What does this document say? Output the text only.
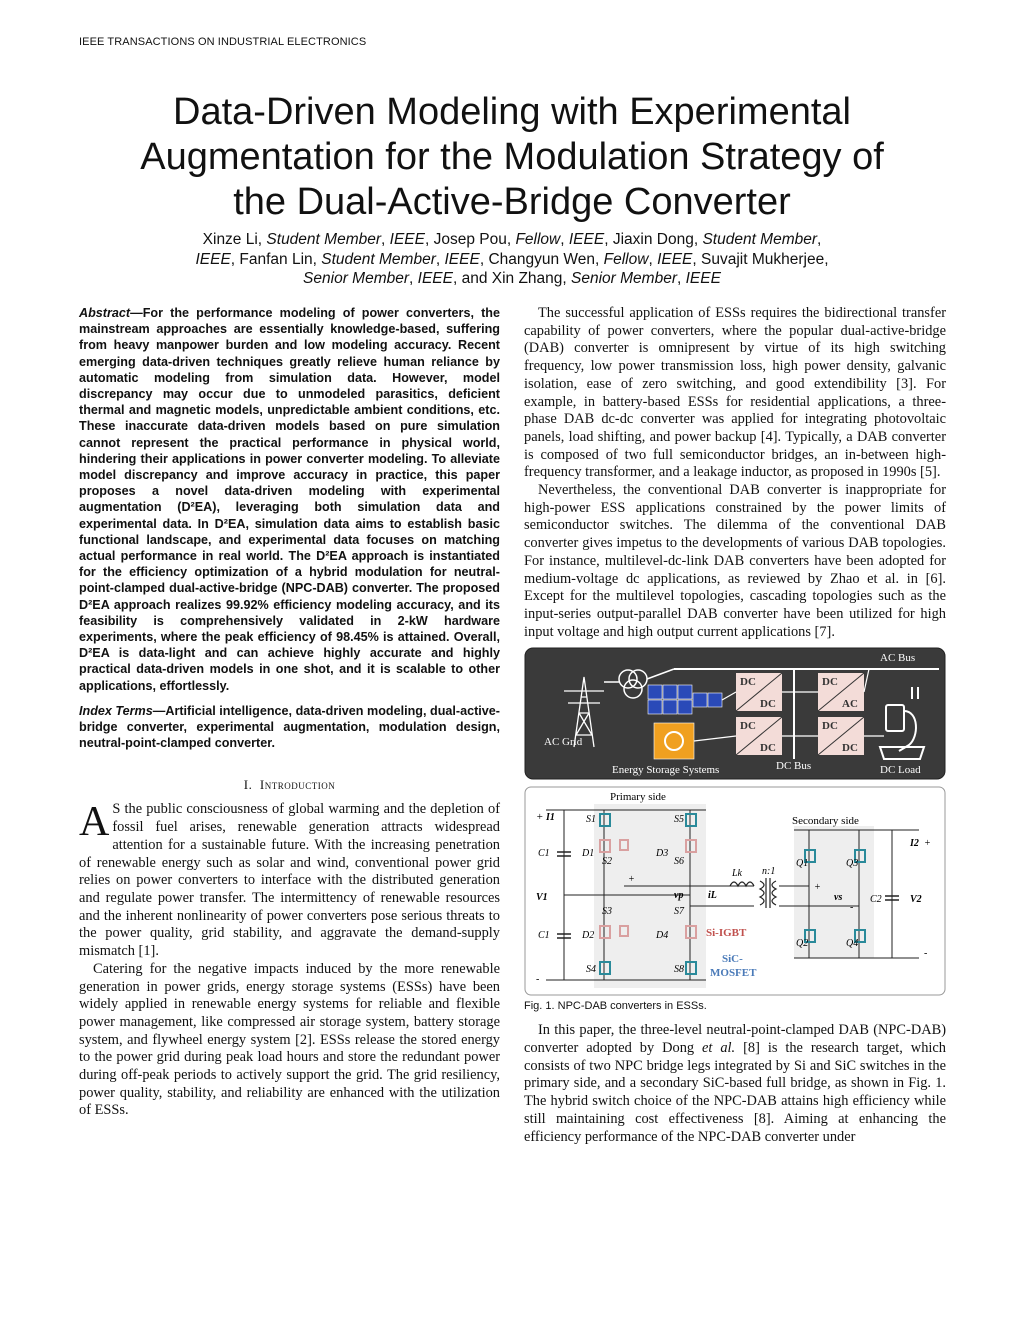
IEEE TRANSACTIONS ON INDUSTRIAL ELECTRONICS
Data-Driven Modeling with Experimental
Augmentation for the Modulation Strategy of
the Dual-Active-Bridge Converter
Xinze Li, Student Member, IEEE, Josep Pou, Fellow, IEEE, Jiaxin Dong, Student Member,
IEEE, Fanfan Lin, Student Member, IEEE, Changyun Wen, Fellow, IEEE, Suvajit Mukherjee,
Senior Member, IEEE, and Xin Zhang, Senior Member, IEEE

Abstract—For the performance modeling of power converters, the mainstream approaches are essentially knowledge-based, suffering from heavy manpower burden and low modeling accuracy. Recent emerging data-driven techniques greatly relieve human reliance by automatic modeling from simulation data. However, model discrepancy may occur due to unmodeled parasitics, deficient thermal and magnetic models, unpredictable ambient conditions, etc. These inaccurate data-driven models based on pure simulation cannot represent the practical performance in physical world, hindering their applications in power converter modeling. To alleviate model discrepancy and improve accuracy in practice, this paper proposes a novel data-driven modeling with experimental augmentation (D²EA), leveraging both simulation data and experimental data. In D²EA, simulation data aims to establish basic functional landscape, and experimental data focuses on matching actual performance in real world. The D²EA approach is instantiated for the efficiency optimization of a hybrid modulation for neutral-point-clamped dual-active-bridge (NPC-DAB) converter. The proposed D²EA approach realizes 99.92% efficiency modeling accuracy, and its feasibility is comprehensively validated in 2-kW hardware experiments, where the peak efficiency of 98.45% is attained. Overall, D²EA is data-light and can achieve highly accurate and highly practical data-driven models in one shot, and it is scalable to other applications, effortlessly.

Index Terms—Artificial intelligence, data-driven modeling, dual-active-bridge converter, experimental augmentation, modulation design, neutral-point-clamped converter.

I. Introduction

A S the public consciousness of global warming and the depletion of fossil fuel arises, renewable generation attracts widespread attention for a sustainable future. With the increasing penetration of renewable energy such as solar and wind, conventional power grid relies on power converters to interface with the distributed generation and regulate power transfer. The intermittency of renewable resources and the inherent nonlinearity of power converters pose serious threats to the power quality, grid stability, and aggravate the demand-supply mismatch [1].

Catering for the negative impacts induced by the more renewable generation in power grids, energy storage systems (ESSs) have been widely applied in renewable energy systems for reliable and flexible power management, like compressed air storage system, battery storage system, and flywheel energy system [2]. ESSs release the stored energy to the power grid during peak load hours and store the redundant power during off-peak periods to actively support the grid. The grid resiliency, power quality, stability, and reliability are enhanced with the utilization of ESSs.

The successful application of ESSs requires the bidirectional transfer capability of power converters, where the popular dual-active-bridge (DAB) converter is omnipresent by virtue of its high switching frequency, low power transmission loss, high power density, galvanic isolation, ease of zero switching, and good extendibility [3]. For example, in battery-based ESSs for residential applications, a three-phase DAB dc-dc converter was applied for integrating photovoltaic panels, load shifting, and power backup [4]. Typically, a DAB converter is composed of two full semiconductor bridges, an in-between high-frequency transformer, and a leakage inductor, as proposed in 1990s [5].

Nevertheless, the conventional DAB converter is inappropriate for high-power ESS applications constrained by the power limits of semiconductor switches. The dilemma of the conventional DAB converter gives impetus to the developments of various DAB topologies. For instance, multilevel-dc-link DAB converters have been adopted for medium-voltage dc applications, as reviewed by Zhao et al. in [6]. Except for the multilevel topologies, cascading topologies such as the input-series output-parallel DAB converter have been utilized for high input voltage and high output current applications [7].

AC Bus
AC Grid
Energy Storage Systems
DC
DC
DC
DC
DC
AC
DC
DC
DC Bus	DC Load
Primary side
Secondary side
+ I1
C1
C1
V1
-
S1
S2
S3
S4
S5
S6
S7
S8
D1
D2
D3
D4
+
vp iL
Lk n:1
Q1	Q3
Q2	Q4
+
vs
-
C2	V2
I2 +
-
Si-IGBT
SiC-
MOSFET
Fig. 1. NPC-DAB converters in ESSs.

In this paper, the three-level neutral-point-clamped DAB (NPC-DAB) converter adopted by Dong et al. [8] is the research target, which consists of two NPC bridge legs integrated by Si and SiC switches in the primary side, and a secondary SiC-based full bridge, as shown in Fig. 1. The hybrid switch choice of the NPC-DAB attains high efficiency while still maintaining cost effectiveness [8]. Aiming at enhancing the efficiency performance of the NPC-DAB converter under
